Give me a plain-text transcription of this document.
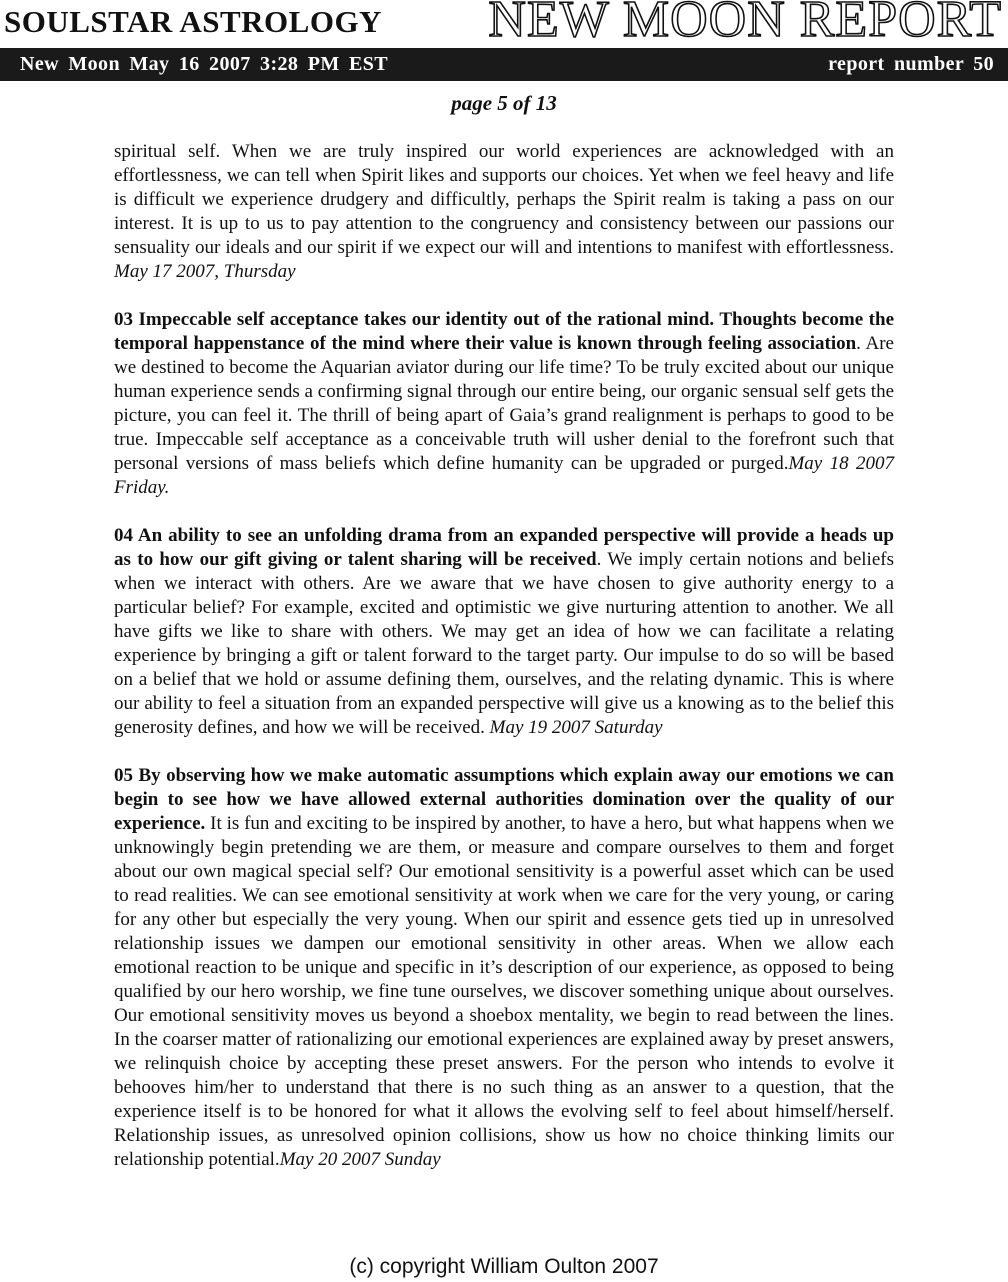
SOULSTAR ASTROLOGY NEW MOON REPORT
New Moon May 16 2007 3:28 PM EST	report number 50
page 5 of 13

spiritual self. When we are truly inspired our world experiences are acknowledged with an effortlessness, we can tell when Spirit likes and supports our choices. Yet when we feel heavy and life is difficult we experience drudgery and difficultly, perhaps the Spirit realm is taking a pass on our interest. It is up to us to pay attention to the congruency and consistency between our passions our sensuality our ideals and our spirit if we expect our will and intentions to manifest with effortlessness. May 17 2007, Thursday

03 Impeccable self acceptance takes our identity out of the rational mind. Thoughts become the temporal happenstance of the mind where their value is known through feeling association. Are we destined to become the Aquarian aviator during our life time? To be truly excited about our unique human experience sends a confirming signal through our entire being, our organic sensual self gets the picture, you can feel it. The thrill of being apart of Gaia’s grand realignment is perhaps to good to be true. Impeccable self acceptance as a conceivable truth will usher denial to the forefront such that personal versions of mass beliefs which define humanity can be upgraded or purged.May 18 2007 Friday.

04 An ability to see an unfolding drama from an expanded perspective will provide a heads up as to how our gift giving or talent sharing will be received. We imply certain notions and beliefs when we interact with others. Are we aware that we have chosen to give authority energy to a particular belief? For example, excited and optimistic we give nurturing attention to another. We all have gifts we like to share with others. We may get an idea of how we can facilitate a relating experience by bringing a gift or talent forward to the target party. Our impulse to do so will be based on a belief that we hold or assume defining them, ourselves, and the relating dynamic. This is where our ability to feel a situation from an expanded perspective will give us a knowing as to the belief this generosity defines, and how we will be received. May 19 2007 Saturday

05 By observing how we make automatic assumptions which explain away our emotions we can begin to see how we have allowed external authorities domination over the quality of our experience. It is fun and exciting to be inspired by another, to have a hero, but what happens when we unknowingly begin pretending we are them, or measure and compare ourselves to them and forget about our own magical special self? Our emotional sensitivity is a powerful asset which can be used to read realities. We can see emotional sensitivity at work when we care for the very young, or caring for any other but especially the very young. When our spirit and essence gets tied up in unresolved relationship issues we dampen our emotional sensitivity in other areas. When we allow each emotional reaction to be unique and specific in it’s description of our experience, as opposed to being qualified by our hero worship, we fine tune ourselves, we discover something unique about ourselves. Our emotional sensitivity moves us beyond a shoebox mentality, we begin to read between the lines. In the coarser matter of rationalizing our emotional experiences are explained away by preset answers, we relinquish choice by accepting these preset answers. For the person who intends to evolve it behooves him/her to understand that there is no such thing as an answer to a question, that the experience itself is to be honored for what it allows the evolving self to feel about himself/herself. Relationship issues, as unresolved opinion collisions, show us how no choice thinking limits our relationship potential.May 20 2007 Sunday

(c) copyright William Oulton 2007
